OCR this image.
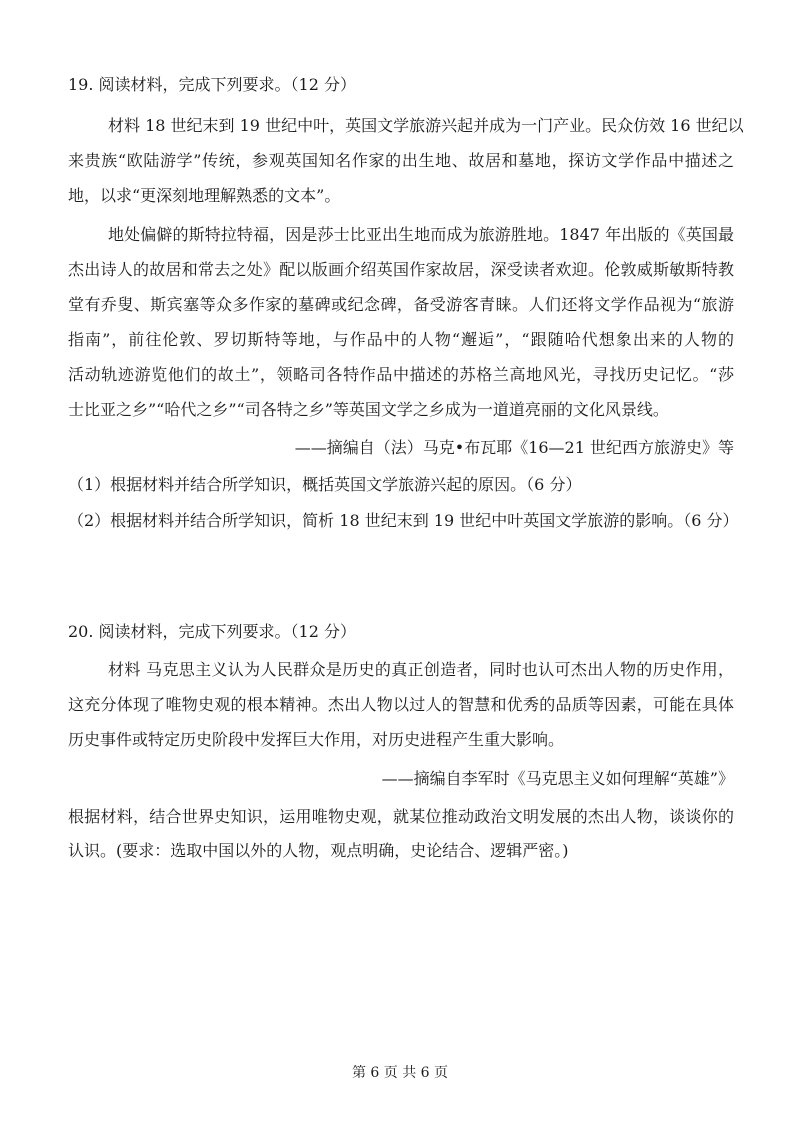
19. 阅读材料，完成下列要求。（12 分）
材料 18 世纪末到 19 世纪中叶，英国文学旅游兴起并成为一门产业。民众仿效 16 世纪以
来贵族“欧陆游学”传统，参观英国知名作家的出生地、故居和墓地，探访文学作品中描述之
地，以求“更深刻地理解熟悉的文本”。
地处偏僻的斯特拉特福，因是莎士比亚出生地而成为旅游胜地。1847 年出版的《英国最
杰出诗人的故居和常去之处》配以版画介绍英国作家故居，深受读者欢迎。伦敦威斯敏斯特教
堂有乔叟、斯宾塞等众多作家的墓碑或纪念碑，备受游客青睐。人们还将文学作品视为“旅游
指南”，前往伦敦、罗切斯特等地，与作品中的人物“邂逅”，“跟随哈代想象出来的人物的
活动轨迹游览他们的故土”，领略司各特作品中描述的苏格兰高地风光，寻找历史记忆。“莎
士比亚之乡”“哈代之乡”“司各特之乡”等英国文学之乡成为一道道亮丽的文化风景线。
——摘编自（法）马克•布瓦耶《16—21 世纪西方旅游史》等
（1）根据材料并结合所学知识，概括英国文学旅游兴起的原因。（6 分）
（2）根据材料并结合所学知识，简析 18 世纪末到 19 世纪中叶英国文学旅游的影响。（6 分）
20. 阅读材料，完成下列要求。（12 分）
材料 马克思主义认为人民群众是历史的真正创造者，同时也认可杰出人物的历史作用，
这充分体现了唯物史观的根本精神。杰出人物以过人的智慧和优秀的品质等因素，可能在具体
历史事件或特定历史阶段中发挥巨大作用，对历史进程产生重大影响。
——摘编自李军时《马克思主义如何理解“英雄”》
根据材料，结合世界史知识，运用唯物史观，就某位推动政治文明发展的杰出人物，谈谈你的
认识。(要求：选取中国以外的人物，观点明确，史论结合、逻辑严密。)
第 6 页 共 6 页
